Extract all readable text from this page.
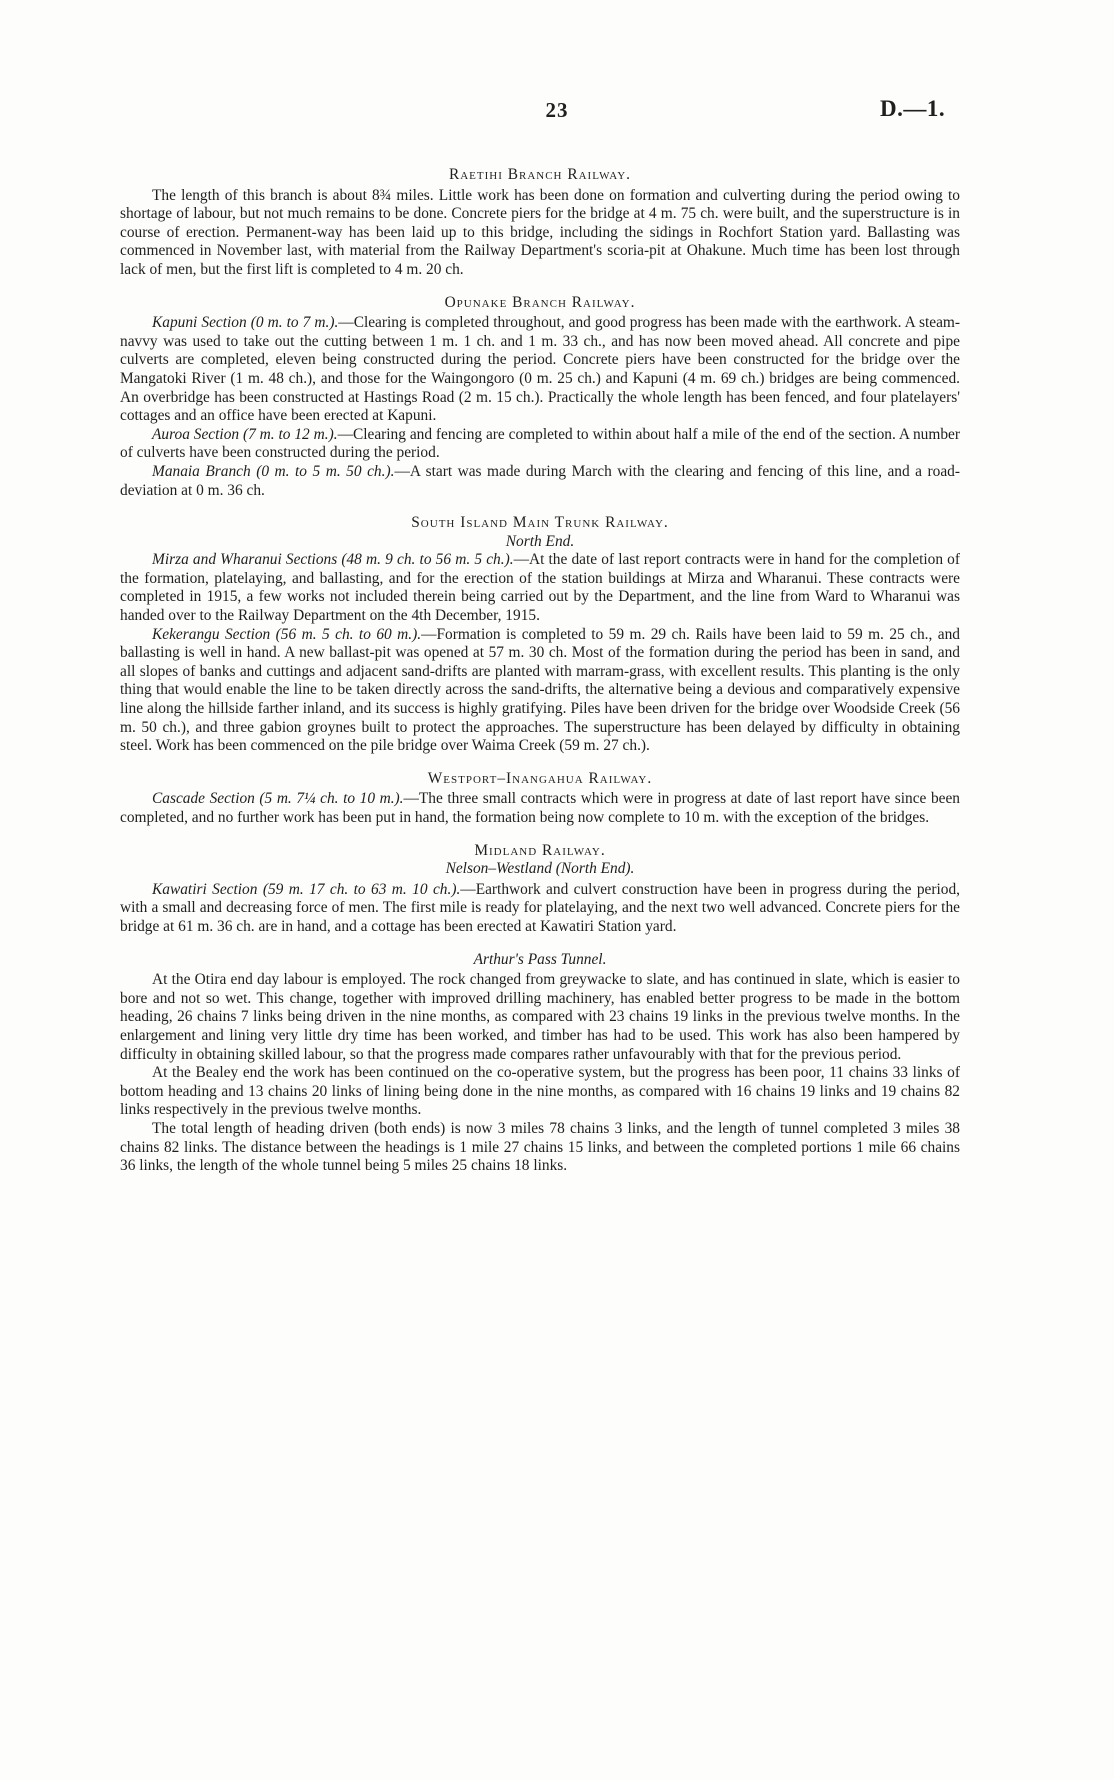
23	D.—1.
Raetihi Branch Railway.

The length of this branch is about 8¾ miles. Little work has been done on formation and culverting during the period owing to shortage of labour, but not much remains to be done. Concrete piers for the bridge at 4 m. 75 ch. were built, and the superstructure is in course of erection. Permanent-way has been laid up to this bridge, including the sidings in Rochfort Station yard. Ballasting was commenced in November last, with material from the Railway Department's scoria-pit at Ohakune. Much time has been lost through lack of men, but the first lift is completed to 4 m. 20 ch.

Opunake Branch Railway.

Kapuni Section (0 m. to 7 m.).—Clearing is completed throughout, and good progress has been made with the earthwork. A steam-navvy was used to take out the cutting between 1 m. 1 ch. and 1 m. 33 ch., and has now been moved ahead. All concrete and pipe culverts are completed, eleven being constructed during the period. Concrete piers have been constructed for the bridge over the Mangatoki River (1 m. 48 ch.), and those for the Waingongoro (0 m. 25 ch.) and Kapuni (4 m. 69 ch.) bridges are being commenced. An overbridge has been constructed at Hastings Road (2 m. 15 ch.). Practically the whole length has been fenced, and four platelayers' cottages and an office have been erected at Kapuni.

Auroa Section (7 m. to 12 m.).—Clearing and fencing are completed to within about half a mile of the end of the section. A number of culverts have been constructed during the period.

Manaia Branch (0 m. to 5 m. 50 ch.).—A start was made during March with the clearing and fencing of this line, and a road-deviation at 0 m. 36 ch.

South Island Main Trunk Railway.
North End.

Mirza and Wharanui Sections (48 m. 9 ch. to 56 m. 5 ch.).—At the date of last report contracts were in hand for the completion of the formation, platelaying, and ballasting, and for the erection of the station buildings at Mirza and Wharanui. These contracts were completed in 1915, a few works not included therein being carried out by the Department, and the line from Ward to Wharanui was handed over to the Railway Department on the 4th December, 1915.

Kekerangu Section (56 m. 5 ch. to 60 m.).—Formation is completed to 59 m. 29 ch. Rails have been laid to 59 m. 25 ch., and ballasting is well in hand. A new ballast-pit was opened at 57 m. 30 ch. Most of the formation during the period has been in sand, and all slopes of banks and cuttings and adjacent sand-drifts are planted with marram-grass, with excellent results. This planting is the only thing that would enable the line to be taken directly across the sand-drifts, the alternative being a devious and comparatively expensive line along the hillside farther inland, and its success is highly gratifying. Piles have been driven for the bridge over Woodside Creek (56 m. 50 ch.), and three gabion groynes built to protect the approaches. The superstructure has been delayed by difficulty in obtaining steel. Work has been commenced on the pile bridge over Waima Creek (59 m. 27 ch.).

Westport–Inangahua Railway.

Cascade Section (5 m. 7¼ ch. to 10 m.).—The three small contracts which were in progress at date of last report have since been completed, and no further work has been put in hand, the formation being now complete to 10 m. with the exception of the bridges.

Midland Railway.
Nelson–Westland (North End).

Kawatiri Section (59 m. 17 ch. to 63 m. 10 ch.).—Earthwork and culvert construction have been in progress during the period, with a small and decreasing force of men. The first mile is ready for platelaying, and the next two well advanced. Concrete piers for the bridge at 61 m. 36 ch. are in hand, and a cottage has been erected at Kawatiri Station yard.

Arthur's Pass Tunnel.

At the Otira end day labour is employed. The rock changed from greywacke to slate, and has continued in slate, which is easier to bore and not so wet. This change, together with improved drilling machinery, has enabled better progress to be made in the bottom heading, 26 chains 7 links being driven in the nine months, as compared with 23 chains 19 links in the previous twelve months. In the enlargement and lining very little dry time has been worked, and timber has had to be used. This work has also been hampered by difficulty in obtaining skilled labour, so that the progress made compares rather unfavourably with that for the previous period.

At the Bealey end the work has been continued on the co-operative system, but the progress has been poor, 11 chains 33 links of bottom heading and 13 chains 20 links of lining being done in the nine months, as compared with 16 chains 19 links and 19 chains 82 links respectively in the previous twelve months.

The total length of heading driven (both ends) is now 3 miles 78 chains 3 links, and the length of tunnel completed 3 miles 38 chains 82 links. The distance between the headings is 1 mile 27 chains 15 links, and between the completed portions 1 mile 66 chains 36 links, the length of the whole tunnel being 5 miles 25 chains 18 links.
